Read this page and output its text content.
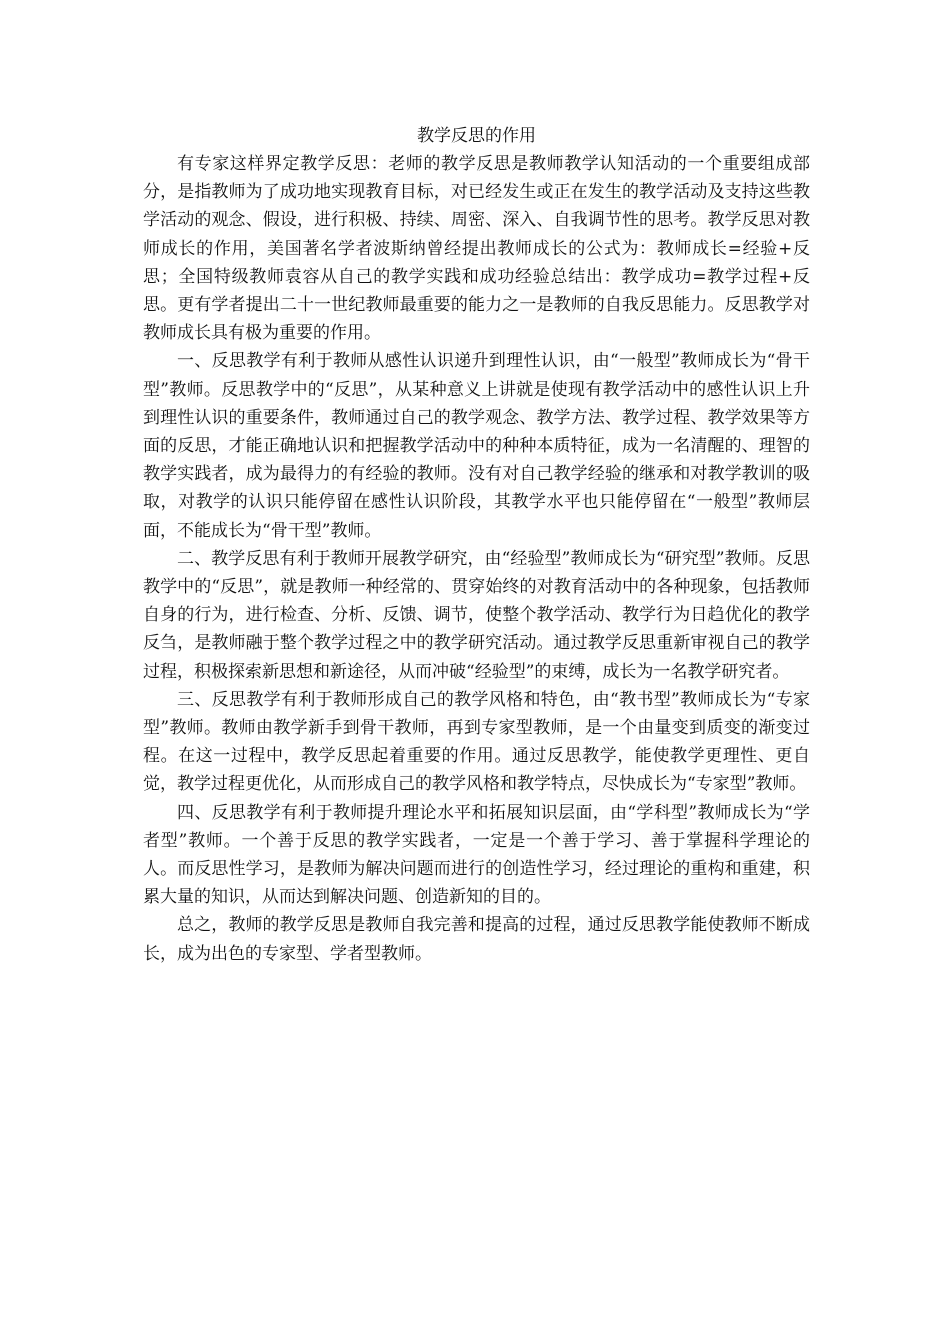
教学反思的作用

有专家这样界定教学反思：老师的教学反思是教师教学认知活动的一个重要组成部分，是指教师为了成功地实现教育目标，对已经发生或正在发生的教学活动及支持这些教学活动的观念、假设，进行积极、持续、周密、深入、自我调节性的思考。教学反思对教师成长的作用，美国著名学者波斯纳曾经提出教师成长的公式为：教师成长=经验+反思；全国特级教师袁容从自己的教学实践和成功经验总结出：教学成功=教学过程+反思。更有学者提出二十一世纪教师最重要的能力之一是教师的自我反思能力。反思教学对教师成长具有极为重要的作用。

一、反思教学有利于教师从感性认识递升到理性认识，由“一般型”教师成长为“骨干型”教师。反思教学中的“反思”，从某种意义上讲就是使现有教学活动中的感性认识上升到理性认识的重要条件，教师通过自己的教学观念、教学方法、教学过程、教学效果等方面的反思，才能正确地认识和把握教学活动中的种种本质特征，成为一名清醒的、理智的教学实践者，成为最得力的有经验的教师。没有对自己教学经验的继承和对教学教训的吸取，对教学的认识只能停留在感性认识阶段，其教学水平也只能停留在“一般型”教师层面，不能成长为“骨干型”教师。

二、教学反思有利于教师开展教学研究，由“经验型”教师成长为“研究型”教师。反思教学中的“反思”，就是教师一种经常的、贯穿始终的对教育活动中的各种现象，包括教师自身的行为，进行检查、分析、反馈、调节，使整个教学活动、教学行为日趋优化的教学反刍，是教师融于整个教学过程之中的教学研究活动。通过教学反思重新审视自己的教学过程，积极探索新思想和新途径，从而冲破“经验型”的束缚，成长为一名教学研究者。

三、反思教学有利于教师形成自己的教学风格和特色，由“教书型”教师成长为“专家型”教师。教师由教学新手到骨干教师，再到专家型教师，是一个由量变到质变的渐变过程。在这一过程中，教学反思起着重要的作用。通过反思教学，能使教学更理性、更自觉，教学过程更优化，从而形成自己的教学风格和教学特点，尽快成长为“专家型”教师。

四、反思教学有利于教师提升理论水平和拓展知识层面，由“学科型”教师成长为“学者型”教师。一个善于反思的教学实践者，一定是一个善于学习、善于掌握科学理论的人。而反思性学习，是教师为解决问题而进行的创造性学习，经过理论的重构和重建，积累大量的知识，从而达到解决问题、创造新知的目的。

总之，教师的教学反思是教师自我完善和提高的过程，通过反思教学能使教师不断成长，成为出色的专家型、学者型教师。
